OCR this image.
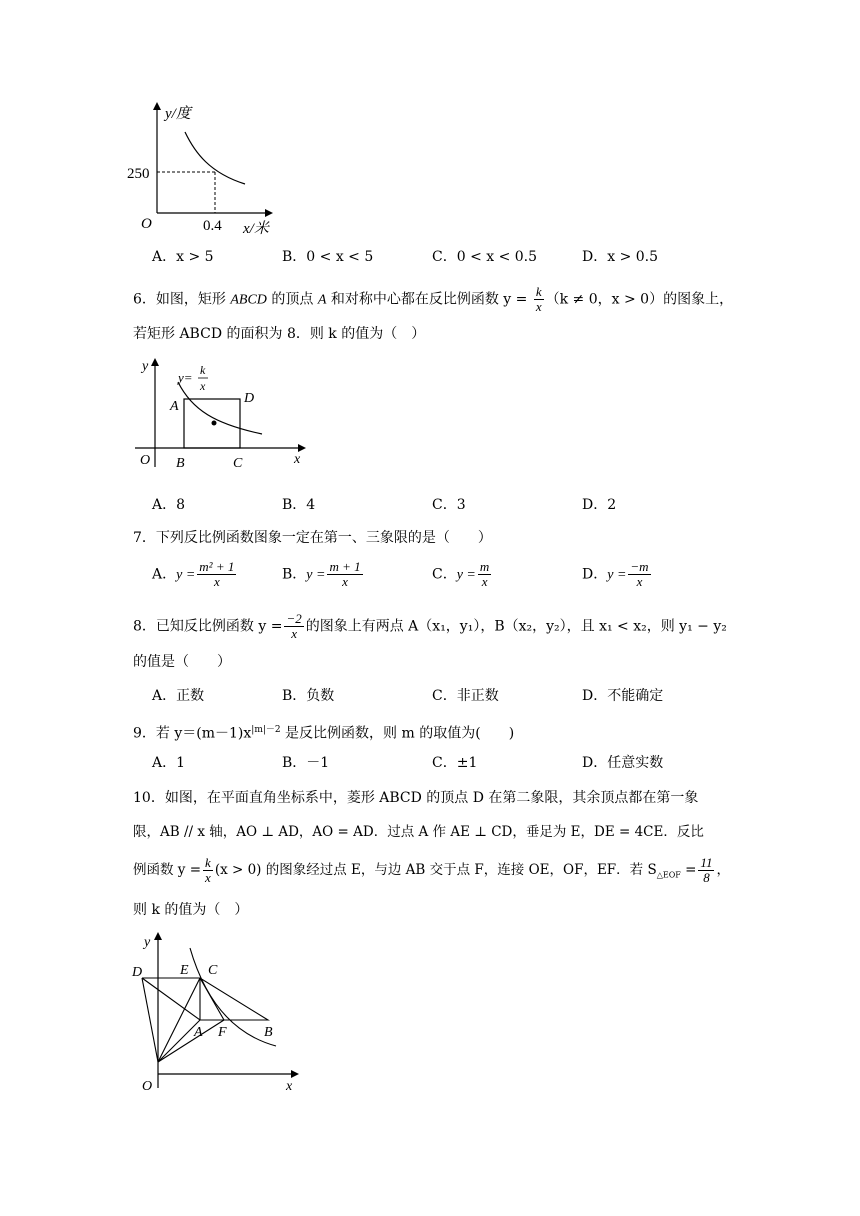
y/度
250
O	0.4 x/米
A．x > 5	B．0 < x < 5	C．0 < x < 0.5	D．x > 0.5
6．如图，矩形 ABCD 的顶点 A 和对称中心都在反比例函数 $y = \frac{k}{x} (k \ne 0$，x > 0）的图象上，
若矩形 ABCD 的面积为 8．则 k 的值为（　）
y
y= k
x
A
D
O B	C	x
A．8	B．4	C．3	D．2
7．下列反比例函数图象一定在第一、三象限的是（　　）
A．$y = \frac{\text{m² + 1}}{x}$	B．$y = \frac{m + 1}{x}$	C．$y = \frac{m}{x}$	D．$y = \frac{-m}{x}$
8．已知反比例函数 $y = \frac{-2}{x}$ 的图象上有两点 A（x₁，y₁），B（x₂，y₂），且 x₁ < x₂，则 y₁ − y₂
的值是（　　）
A．正数	B．负数	C．非正数	D．不能确定
9．若 $y=(m-1)x^{|m|-2}$ 是反比例函数，则 m 的取值为(　　)
A．1	B．－1	C．±1	D．任意实数
10．如图，在平面直角坐标系中，菱形 ABCD 的顶点 D 在第二象限，其余顶点都在第一象
限，AB // x 轴，AO ⊥ AD，AO = AD．过点 A 作 AE ⊥ CD，垂足为 E，DE = 4CE．反比
例函数 $y = \frac{k}{x} (x > 0)$ 的图象经过点 E，与边 AB 交于点 F，连接 OE，OF，EF．若 $S_{\triangle EOF} = \frac{11}{8}$ ，
则 k 的值为（　）
y
D	E C
A F	B
O	x
